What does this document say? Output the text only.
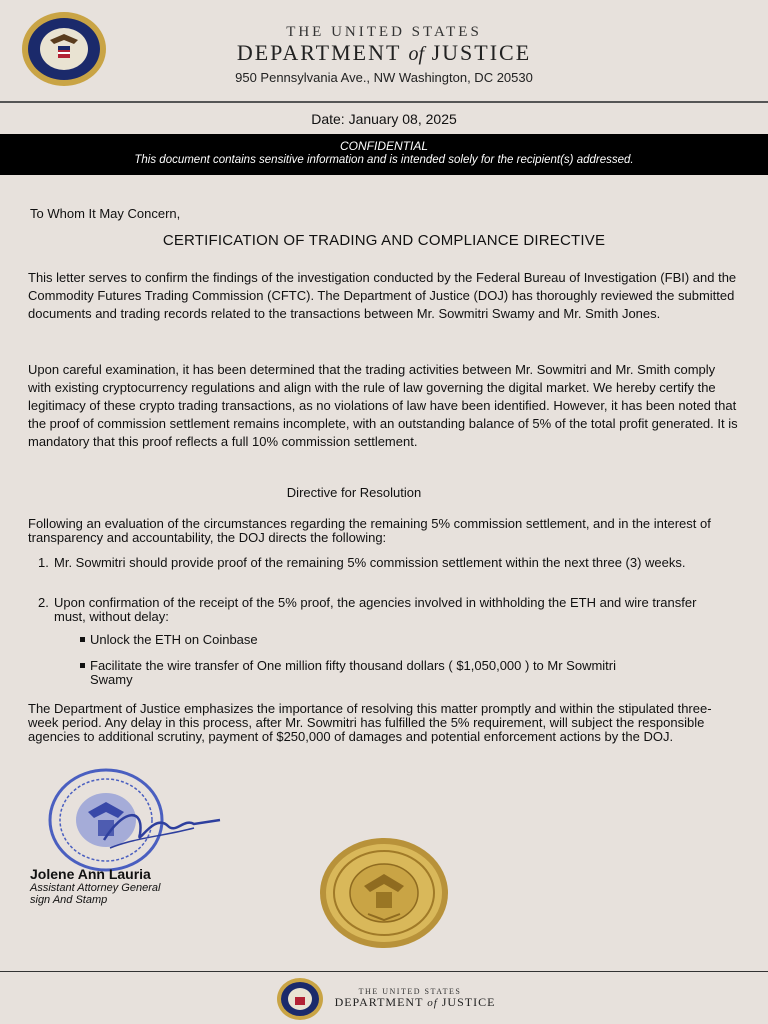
THE UNITED STATES
DEPARTMENT of JUSTICE
950 Pennsylvania Ave., NW Washington, DC 20530
Date: January 08, 2025
CONFIDENTIAL
This document contains sensitive information and is intended solely for the recipient(s) addressed.
To Whom It May Concern,
CERTIFICATION OF TRADING AND COMPLIANCE DIRECTIVE
This letter serves to confirm the findings of the investigation conducted by the Federal Bureau of Investigation (FBI) and the Commodity Futures Trading Commission (CFTC). The Department of Justice (DOJ) has thoroughly reviewed the submitted documents and trading records related to the transactions between Mr. Sowmitri Swamy and Mr. Smith Jones.
Upon careful examination, it has been determined that the trading activities between Mr. Sowmitri and Mr. Smith comply with existing cryptocurrency regulations and align with the rule of law governing the digital market. We hereby certify the legitimacy of these crypto trading transactions, as no violations of law have been identified. However, it has been noted that the proof of commission settlement remains incomplete, with an outstanding balance of 5% of the total profit generated. It is mandatory that this proof reflects a full 10% commission settlement.
Directive for Resolution
Following an evaluation of the circumstances regarding the remaining 5% commission settlement, and in the interest of transparency and accountability, the DOJ directs the following:
1. Mr. Sowmitri should provide proof of the remaining 5% commission settlement within the next three (3) weeks.
2. Upon confirmation of the receipt of the 5% proof, the agencies involved in withholding the ETH and wire transfer must, without delay:
Unlock the ETH on Coinbase
Facilitate the wire transfer of One million fifty thousand dollars ( $1,050,000 ) to Mr Sowmitri Swamy
The Department of Justice emphasizes the importance of resolving this matter promptly and within the stipulated three-week period. Any delay in this process, after Mr. Sowmitri has fulfilled the 5% requirement, will subject the responsible agencies to additional scrutiny, payment of $250,000 of damages and potential enforcement actions by the DOJ.
Jolene Ann Lauria
Assistant Attorney General
sign And Stamp
THE UNITED STATES
DEPARTMENT of JUSTICE
